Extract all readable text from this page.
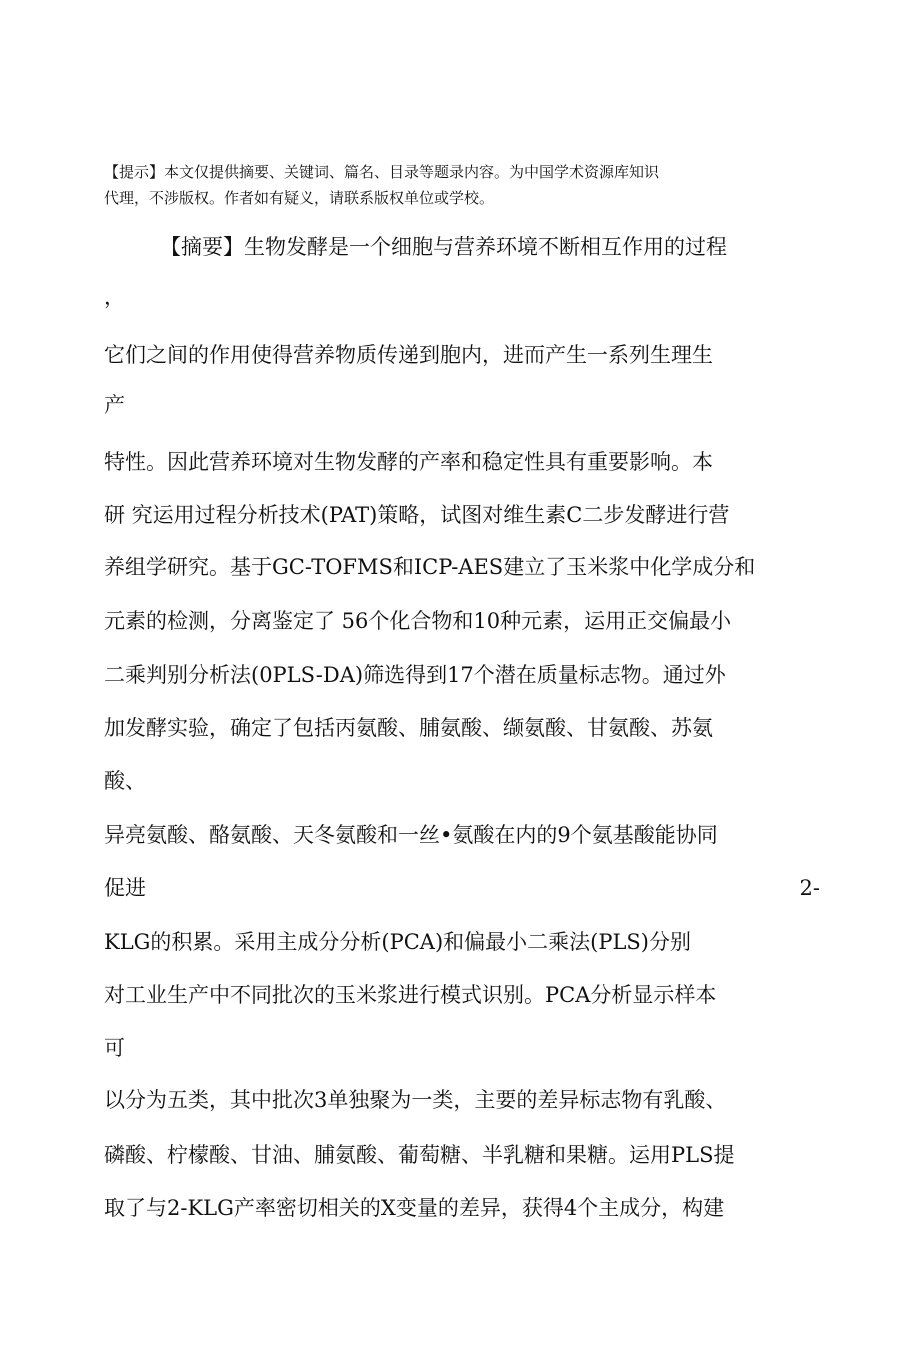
【提示】本文仅提供摘要、关键词、篇名、目录等题录内容。为中国学术资源库知识
代理，不涉版权。作者如有疑义，请联系版权单位或学校。
【摘要】生物发酵是一个细胞与营养环境不断相互作用的过程
，
它们之间的作用使得营养物质传递到胞内，进而产生一系列生理生
产
特性。因此营养环境对生物发酵的产率和稳定性具有重要影响。本
研 究运用过程分析技术(PAT)策略，试图对维生素C二步发酵进行营
养组学研究。基于GC-TOFMS和ICP-AES建立了玉米浆中化学成分和
元素的检测，分离鉴定了 56个化合物和10种元素，运用正交偏最小
二乘判别分析法(0PLS-DA)筛选得到17个潜在质量标志物。通过外
加发酵实验，确定了包括丙氨酸、脯氨酸、缬氨酸、甘氨酸、苏氨
酸、
异亮氨酸、酪氨酸、天冬氨酸和一丝•氨酸在内的9个氨基酸能协同
促进	2-
KLG的积累。采用主成分分析(PCA)和偏最小二乘法(PLS)分别
对工业生产中不同批次的玉米浆进行模式识别。PCA分析显示样本
可
以分为五类，其中批次3单独聚为一类，主要的差异标志物有乳酸、
磷酸、柠檬酸、甘油、脯氨酸、葡萄糖、半乳糖和果糖。运用PLS提
取了与2-KLG产率密切相关的X变量的差异，获得4个主成分，构建
